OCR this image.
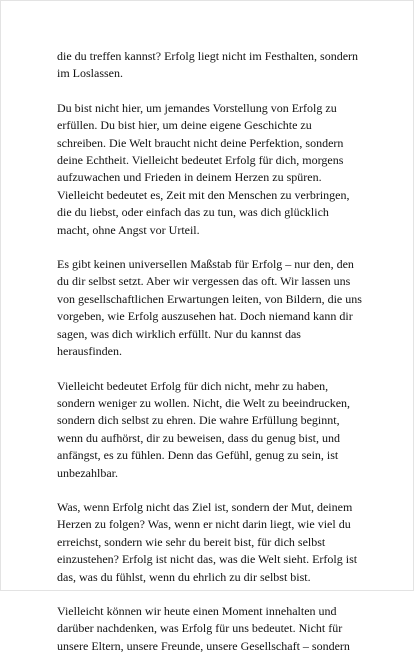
die du treffen kannst? Erfolg liegt nicht im Festhalten, sondern
im Loslassen.

Du bist nicht hier, um jemandes Vorstellung von Erfolg zu
erfüllen. Du bist hier, um deine eigene Geschichte zu
schreiben. Die Welt braucht nicht deine Perfektion, sondern
deine Echtheit. Vielleicht bedeutet Erfolg für dich, morgens
aufzuwachen und Frieden in deinem Herzen zu spüren.
Vielleicht bedeutet es, Zeit mit den Menschen zu verbringen,
die du liebst, oder einfach das zu tun, was dich glücklich
macht, ohne Angst vor Urteil.

Es gibt keinen universellen Maßstab für Erfolg – nur den, den
du dir selbst setzt. Aber wir vergessen das oft. Wir lassen uns
von gesellschaftlichen Erwartungen leiten, von Bildern, die uns
vorgeben, wie Erfolg auszusehen hat. Doch niemand kann dir
sagen, was dich wirklich erfüllt. Nur du kannst das
herausfinden.

Vielleicht bedeutet Erfolg für dich nicht, mehr zu haben,
sondern weniger zu wollen. Nicht, die Welt zu beeindrucken,
sondern dich selbst zu ehren. Die wahre Erfüllung beginnt,
wenn du aufhörst, dir zu beweisen, dass du genug bist, und
anfängst, es zu fühlen. Denn das Gefühl, genug zu sein, ist
unbezahlbar.

Was, wenn Erfolg nicht das Ziel ist, sondern der Mut, deinem
Herzen zu folgen? Was, wenn er nicht darin liegt, wie viel du
erreichst, sondern wie sehr du bereit bist, für dich selbst
einzustehen? Erfolg ist nicht das, was die Welt sieht. Erfolg ist
das, was du fühlst, wenn du ehrlich zu dir selbst bist.

Vielleicht können wir heute einen Moment innehalten und
darüber nachdenken, was Erfolg für uns bedeutet. Nicht für
unsere Eltern, unsere Freunde, unsere Gesellschaft – sondern
